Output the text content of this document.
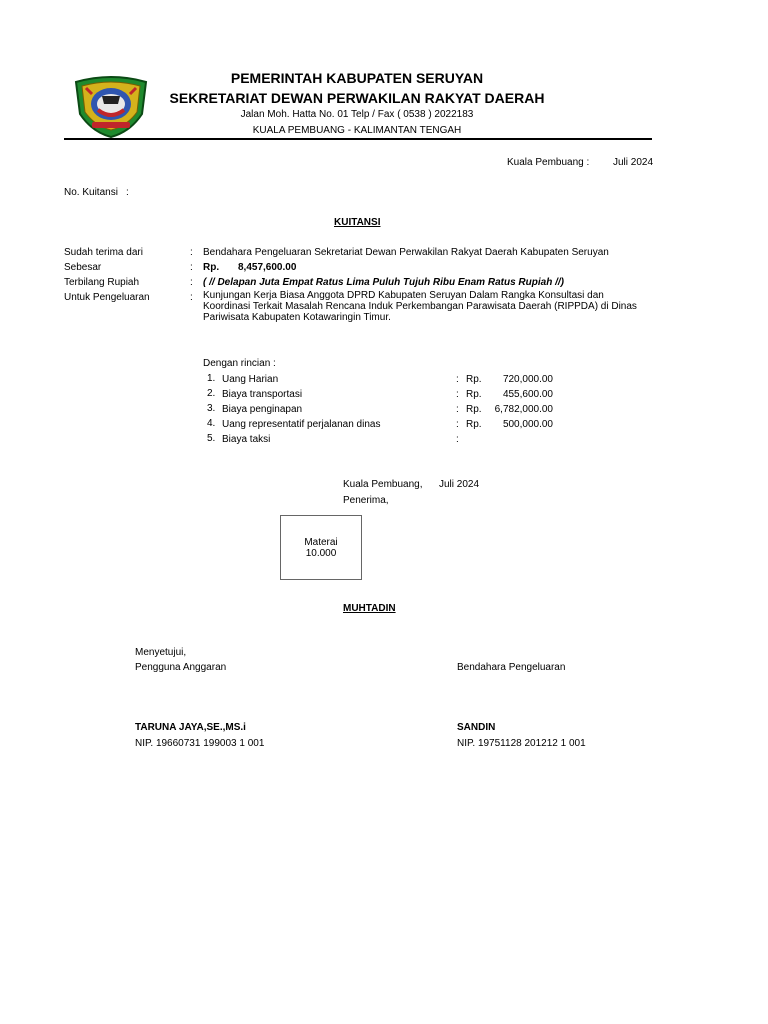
PEMERINTAH KABUPATEN SERUYAN
SEKRETARIAT DEWAN PERWAKILAN RAKYAT DAERAH
Jalan Moh. Hatta No. 01 Telp / Fax ( 0538 ) 2022183
KUALA PEMBUANG - KALIMANTAN TENGAH
Kuala Pembuang : Juli 2024
No. Kuitansi :
KUITANSI
Sudah terima dari	: Bendahara Pengeluaran Sekretariat Dewan Perwakilan Rakyat Daerah Kabupaten Seruyan
Sebesar	: Rp. 8,457,600.00
Terbilang Rupiah	: ( // Delapan Juta Empat Ratus Lima Puluh Tujuh Ribu Enam Ratus Rupiah //)
Untuk Pengeluaran	: Kunjungan Kerja Biasa Anggota DPRD Kabupaten Seruyan Dalam Rangka Konsultasi dan Koordinasi Terkait Masalah Rencana Induk Perkembangan Parawisata Daerah (RIPPDA) di Dinas Pariwisata Kabupaten Kotawaringin Timur.
Dengan rincian :
1. Uang Harian	: Rp.	720,000.00
2. Biaya transportasi	: Rp.	455,600.00
3. Biaya penginapan	: Rp.	6,782,000.00
4. Uang representatif perjalanan dinas	: Rp.	500,000.00
5. Biaya taksi	:
Kuala Pembuang, Juli 2024
Penerima,
Materai
10.000
MUHTADIN
Menyetujui,
Pengguna Anggaran	Bendahara Pengeluaran
TARUNA JAYA,SE.,MS.i
NIP. 19660731 199003 1 001
SANDIN
NIP. 19751128 201212 1 001
